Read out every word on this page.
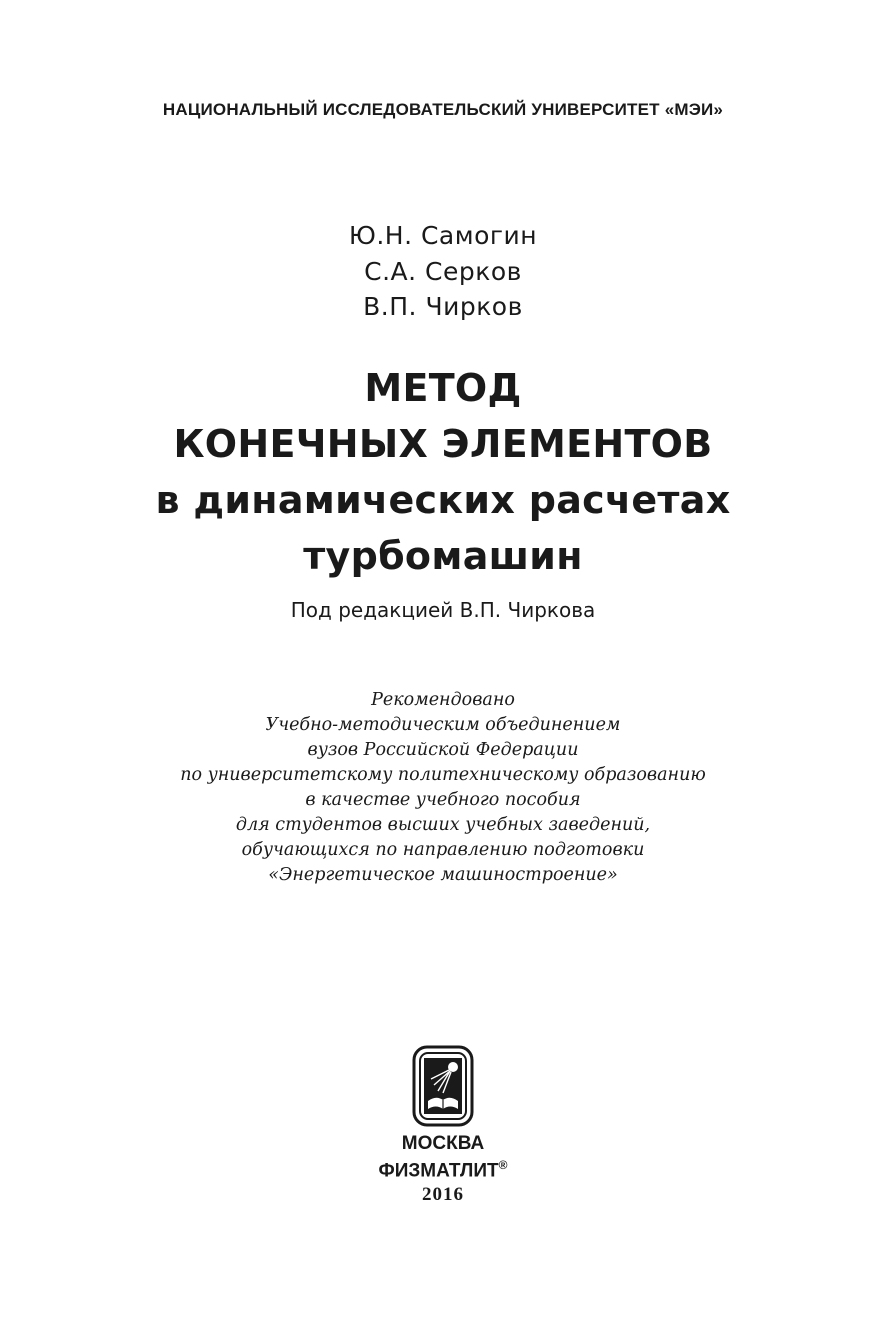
НАЦИОНАЛЬНЫЙ ИССЛЕДОВАТЕЛЬСКИЙ УНИВЕРСИТЕТ «МЭИ»
Ю.Н. Самогин
С.А. Серков
В.П. Чирков
МЕТОД
КОНЕЧНЫХ ЭЛЕМЕНТОВ
в динамических расчетах
турбомашин
Под редакцией В.П. Чиркова
Рекомендовано
Учебно-методическим объединением
вузов Российской Федерации
по университетскому политехническому образованию
в качестве учебного пособия
для студентов высших учебных заведений,
обучающихся по направлению подготовки
«Энергетическое машиностроение»
МОСКВА
ФИЗМАТЛИТ®
2016
